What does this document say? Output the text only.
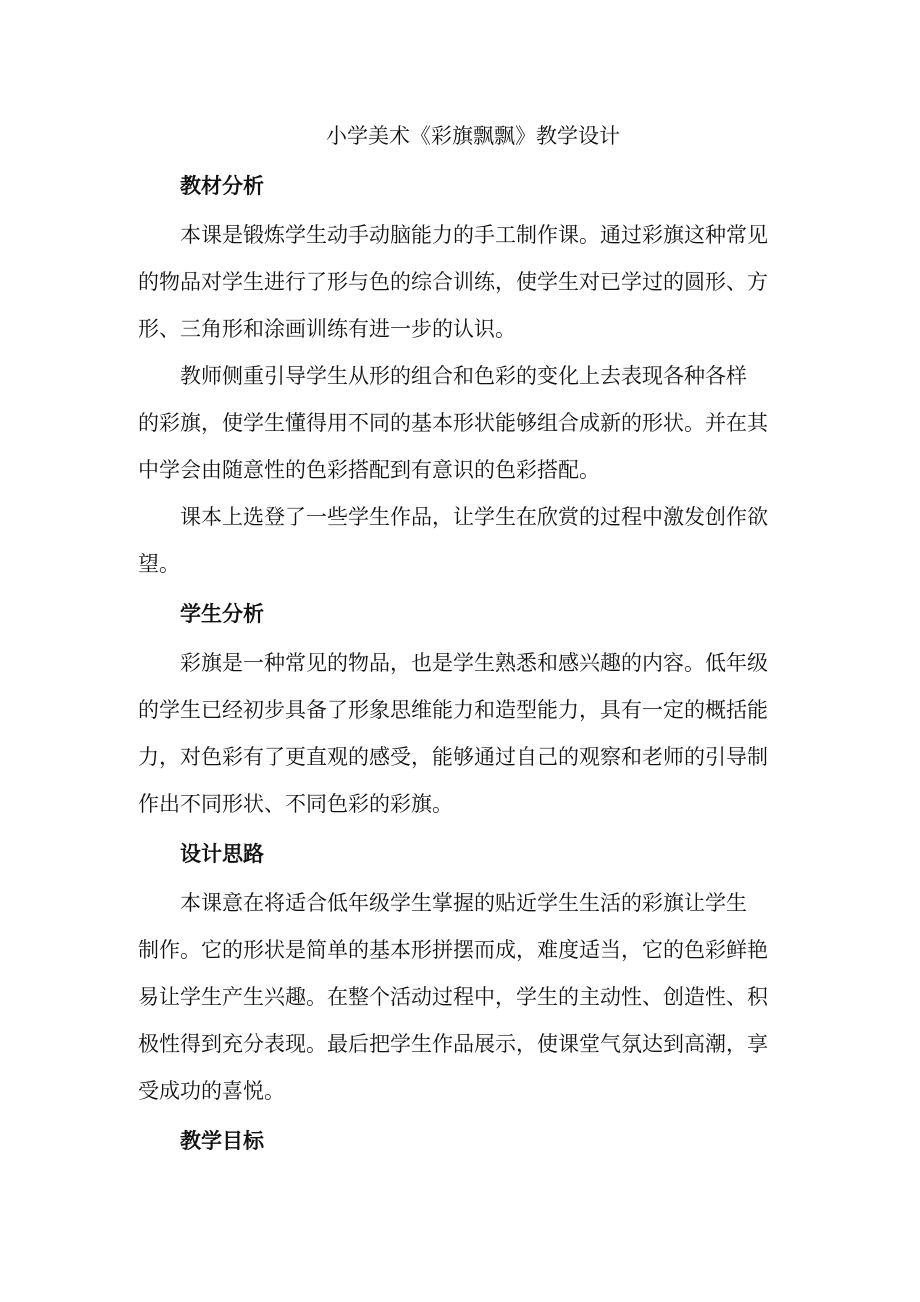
小学美术《彩旗飘飘》教学设计
教材分析
本课是锻炼学生动手动脑能力的手工制作课。通过彩旗这种常见
的物品对学生进行了形与色的综合训练，使学生对已学过的圆形、方
形、三角形和涂画训练有进一步的认识。
教师侧重引导学生从形的组合和色彩的变化上去表现各种各样
的彩旗，使学生懂得用不同的基本形状能够组合成新的形状。并在其
中学会由随意性的色彩搭配到有意识的色彩搭配。
课本上选登了一些学生作品，让学生在欣赏的过程中激发创作欲
望。
学生分析
彩旗是一种常见的物品，也是学生熟悉和感兴趣的内容。低年级
的学生已经初步具备了形象思维能力和造型能力，具有一定的概括能
力，对色彩有了更直观的感受，能够通过自己的观察和老师的引导制
作出不同形状、不同色彩的彩旗。
设计思路
本课意在将适合低年级学生掌握的贴近学生生活的彩旗让学生
制作。它的形状是简单的基本形拼摆而成，难度适当，它的色彩鲜艳
易让学生产生兴趣。在整个活动过程中，学生的主动性、创造性、积
极性得到充分表现。最后把学生作品展示，使课堂气氛达到高潮，享
受成功的喜悦。
教学目标
